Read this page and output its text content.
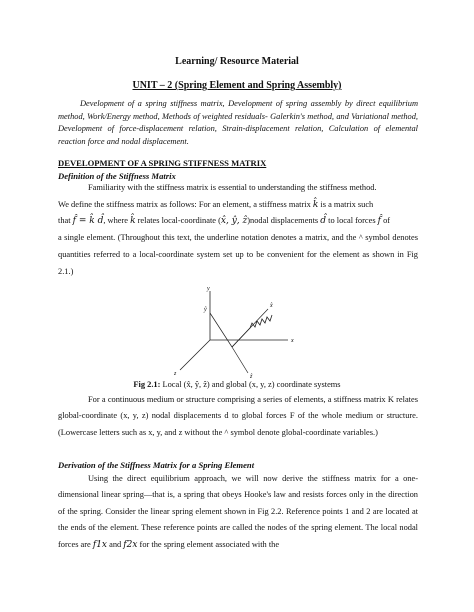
Learning/ Resource Material
UNIT – 2 (Spring Element and Spring Assembly)

Development of a spring stiffness matrix, Development of spring assembly by direct equilibrium method, Work/Energy method, Methods of weighted residuals- Galerkin's method, and Variational method, Development of force-displacement relation, Strain-displacement relation, Calculation of elemental reaction force and nodal displacement.

DEVELOPMENT OF A SPRING STIFFNESS MATRIX
Definition of the Stiffness Matrix

Familiarity with the stiffness matrix is essential to understanding the stiffness method.

We define the stiffness matrix as follows: For an element, a stiffness matrix k̂ is a matrix such

that f̂ = k̂ d̂, where k̂ relates local-coordinate (x̂, ŷ, ẑ)nodal displacements d̂ to local forces f̂ of

a single element. (Throughout this text, the underline notation denotes a matrix, and the ^ symbol denotes quantities referred to a local-coordinate system set up to be convenient for the element as shown in Fig 2.1.)

x̂
ŷ
ẑ
x
y
z
Fig 2.1: Local (x̂, ŷ, ẑ) and global (x, y, z) coordinate systems

For a continuous medium or structure comprising a series of elements, a stiffness matrix K relates global-coordinate (x, y, z) nodal displacements d to global forces F of the whole medium or structure. (Lowercase letters such as x, y, and z without the ^ symbol denote global-coordinate variables.)

Derivation of the Stiffness Matrix for a Spring Element

Using the direct equilibrium approach, we will now derive the stiffness matrix for a one-dimensional linear spring—that is, a spring that obeys Hooke's law and resists forces only in the direction of the spring. Consider the linear spring element shown in Fig 2.2. Reference points 1 and 2 are located at the ends of the element. These reference points are called the nodes of the spring element. The local nodal forces are f1x and f2x for the spring element associated with the
